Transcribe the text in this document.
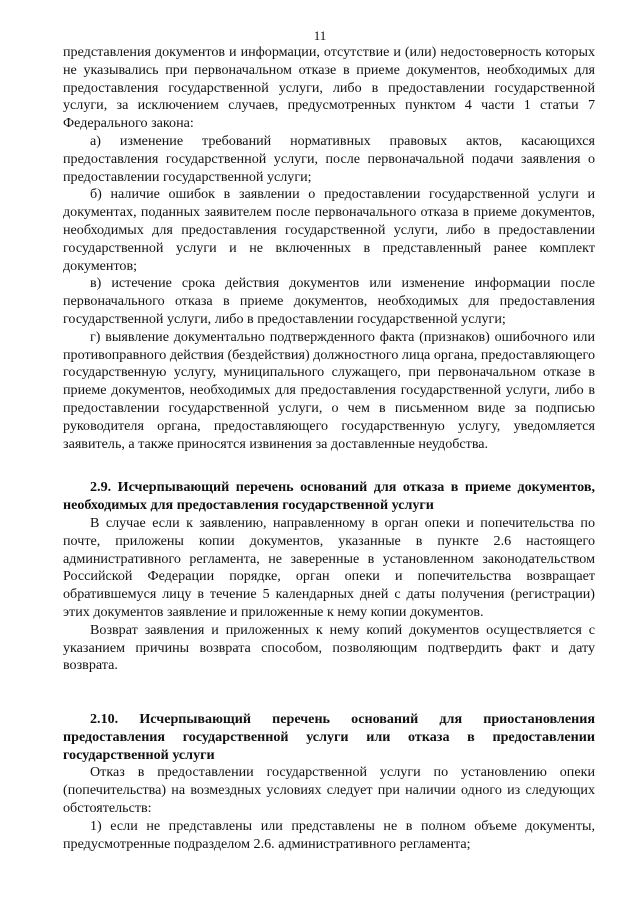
11

представления документов и информации, отсутствие и (или) недостоверность которых не указывались при первоначальном отказе в приеме документов, необходимых для предоставления государственной услуги, либо в предоставлении государственной услуги, за исключением случаев, предусмотренных пунктом 4 части 1 статьи 7 Федерального закона:

а) изменение требований нормативных правовых актов, касающихся предоставления государственной услуги, после первоначальной подачи заявления о предоставлении государственной услуги;

б) наличие ошибок в заявлении о предоставлении государственной услуги и документах, поданных заявителем после первоначального отказа в приеме документов, необходимых для предоставления государственной услуги, либо в предоставлении государственной услуги и не включенных в представленный ранее комплект документов;

в) истечение срока действия документов или изменение информации после первоначального отказа в приеме документов, необходимых для предоставления государственной услуги, либо в предоставлении государственной услуги;

г) выявление документально подтвержденного факта (признаков) ошибочного или противоправного действия (бездействия) должностного лица органа, предоставляющего государственную услугу, муниципального служащего, при первоначальном отказе в приеме документов, необходимых для предоставления государственной услуги, либо в предоставлении государственной услуги, о чем в письменном виде за подписью руководителя органа, предоставляющего государственную услугу, уведомляется заявитель, а также приносятся извинения за доставленные неудобства.

2.9. Исчерпывающий перечень оснований для отказа в приеме документов, необходимых для предоставления государственной услуги

В случае если к заявлению, направленному в орган опеки и попечительства по почте, приложены копии документов, указанные в пункте 2.6 настоящего административного регламента, не заверенные в установленном законодательством Российской Федерации порядке, орган опеки и попечительства возвращает обратившемуся лицу в течение 5 календарных дней с даты получения (регистрации) этих документов заявление и приложенные к нему копии документов.

Возврат заявления и приложенных к нему копий документов осуществляется с указанием причины возврата способом, позволяющим подтвердить факт и дату возврата.

2.10. Исчерпывающий перечень оснований для приостановления предоставления государственной услуги или отказа в предоставлении государственной услуги

Отказ в предоставлении государственной услуги по установлению опеки (попечительства) на возмездных условиях следует при наличии одного из следующих обстоятельств:

1) если не представлены или представлены не в полном объеме документы, предусмотренные подразделом 2.6. административного регламента;
